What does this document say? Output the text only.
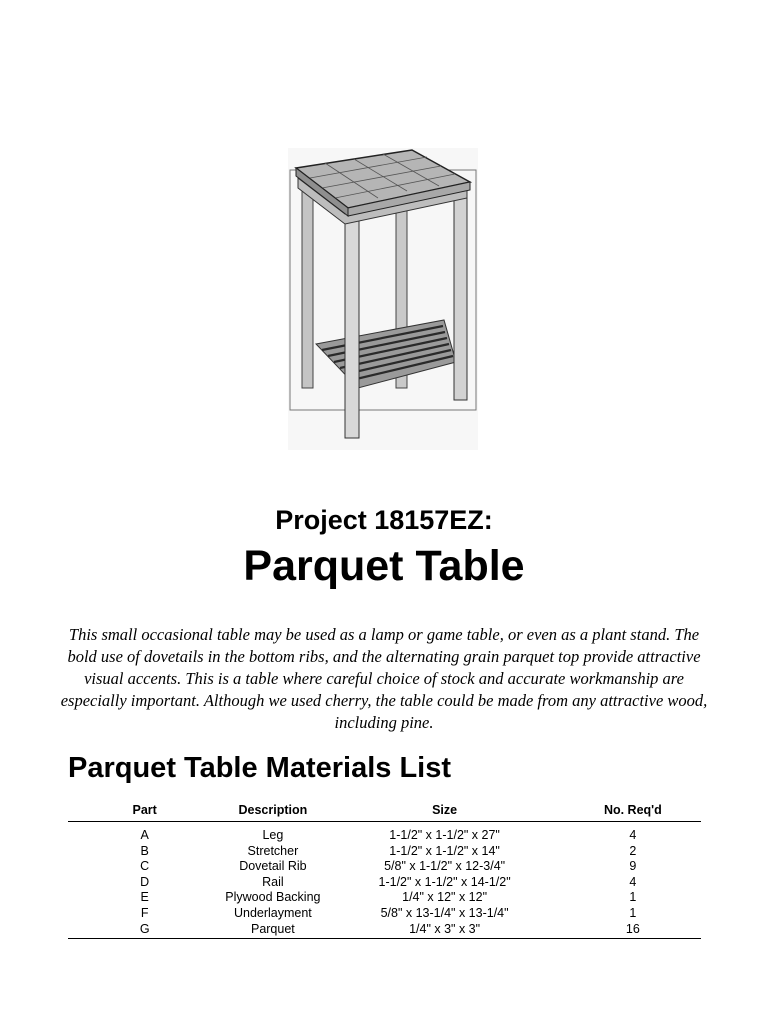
Project 18157EZ:
Parquet Table
This small occasional table may be used as a lamp or game table, or even as a plant stand. The bold use of dovetails in the bottom ribs, and the alternating grain parquet top provide attractive visual accents. This is a table where careful choice of stock and accurate workmanship are especially important. Although we used cherry, the table could be made from any attractive wood, including pine.
Parquet Table Materials List
Part	Description	Size	No. Req'd
A	Leg	1-1/2" x 1-1/2" x 27"	4
B	Stretcher	1-1/2" x 1-1/2" x 14"	2
C	Dovetail Rib	5/8" x 1-1/2" x 12-3/4"	9
D	Rail	1-1/2" x 1-1/2" x 14-1/2"	4
E	Plywood Backing	1/4" x 12" x 12"	1
F	Underlayment	5/8" x 13-1/4" x 13-1/4"	1
G	Parquet	1/4" x 3" x 3"	16
